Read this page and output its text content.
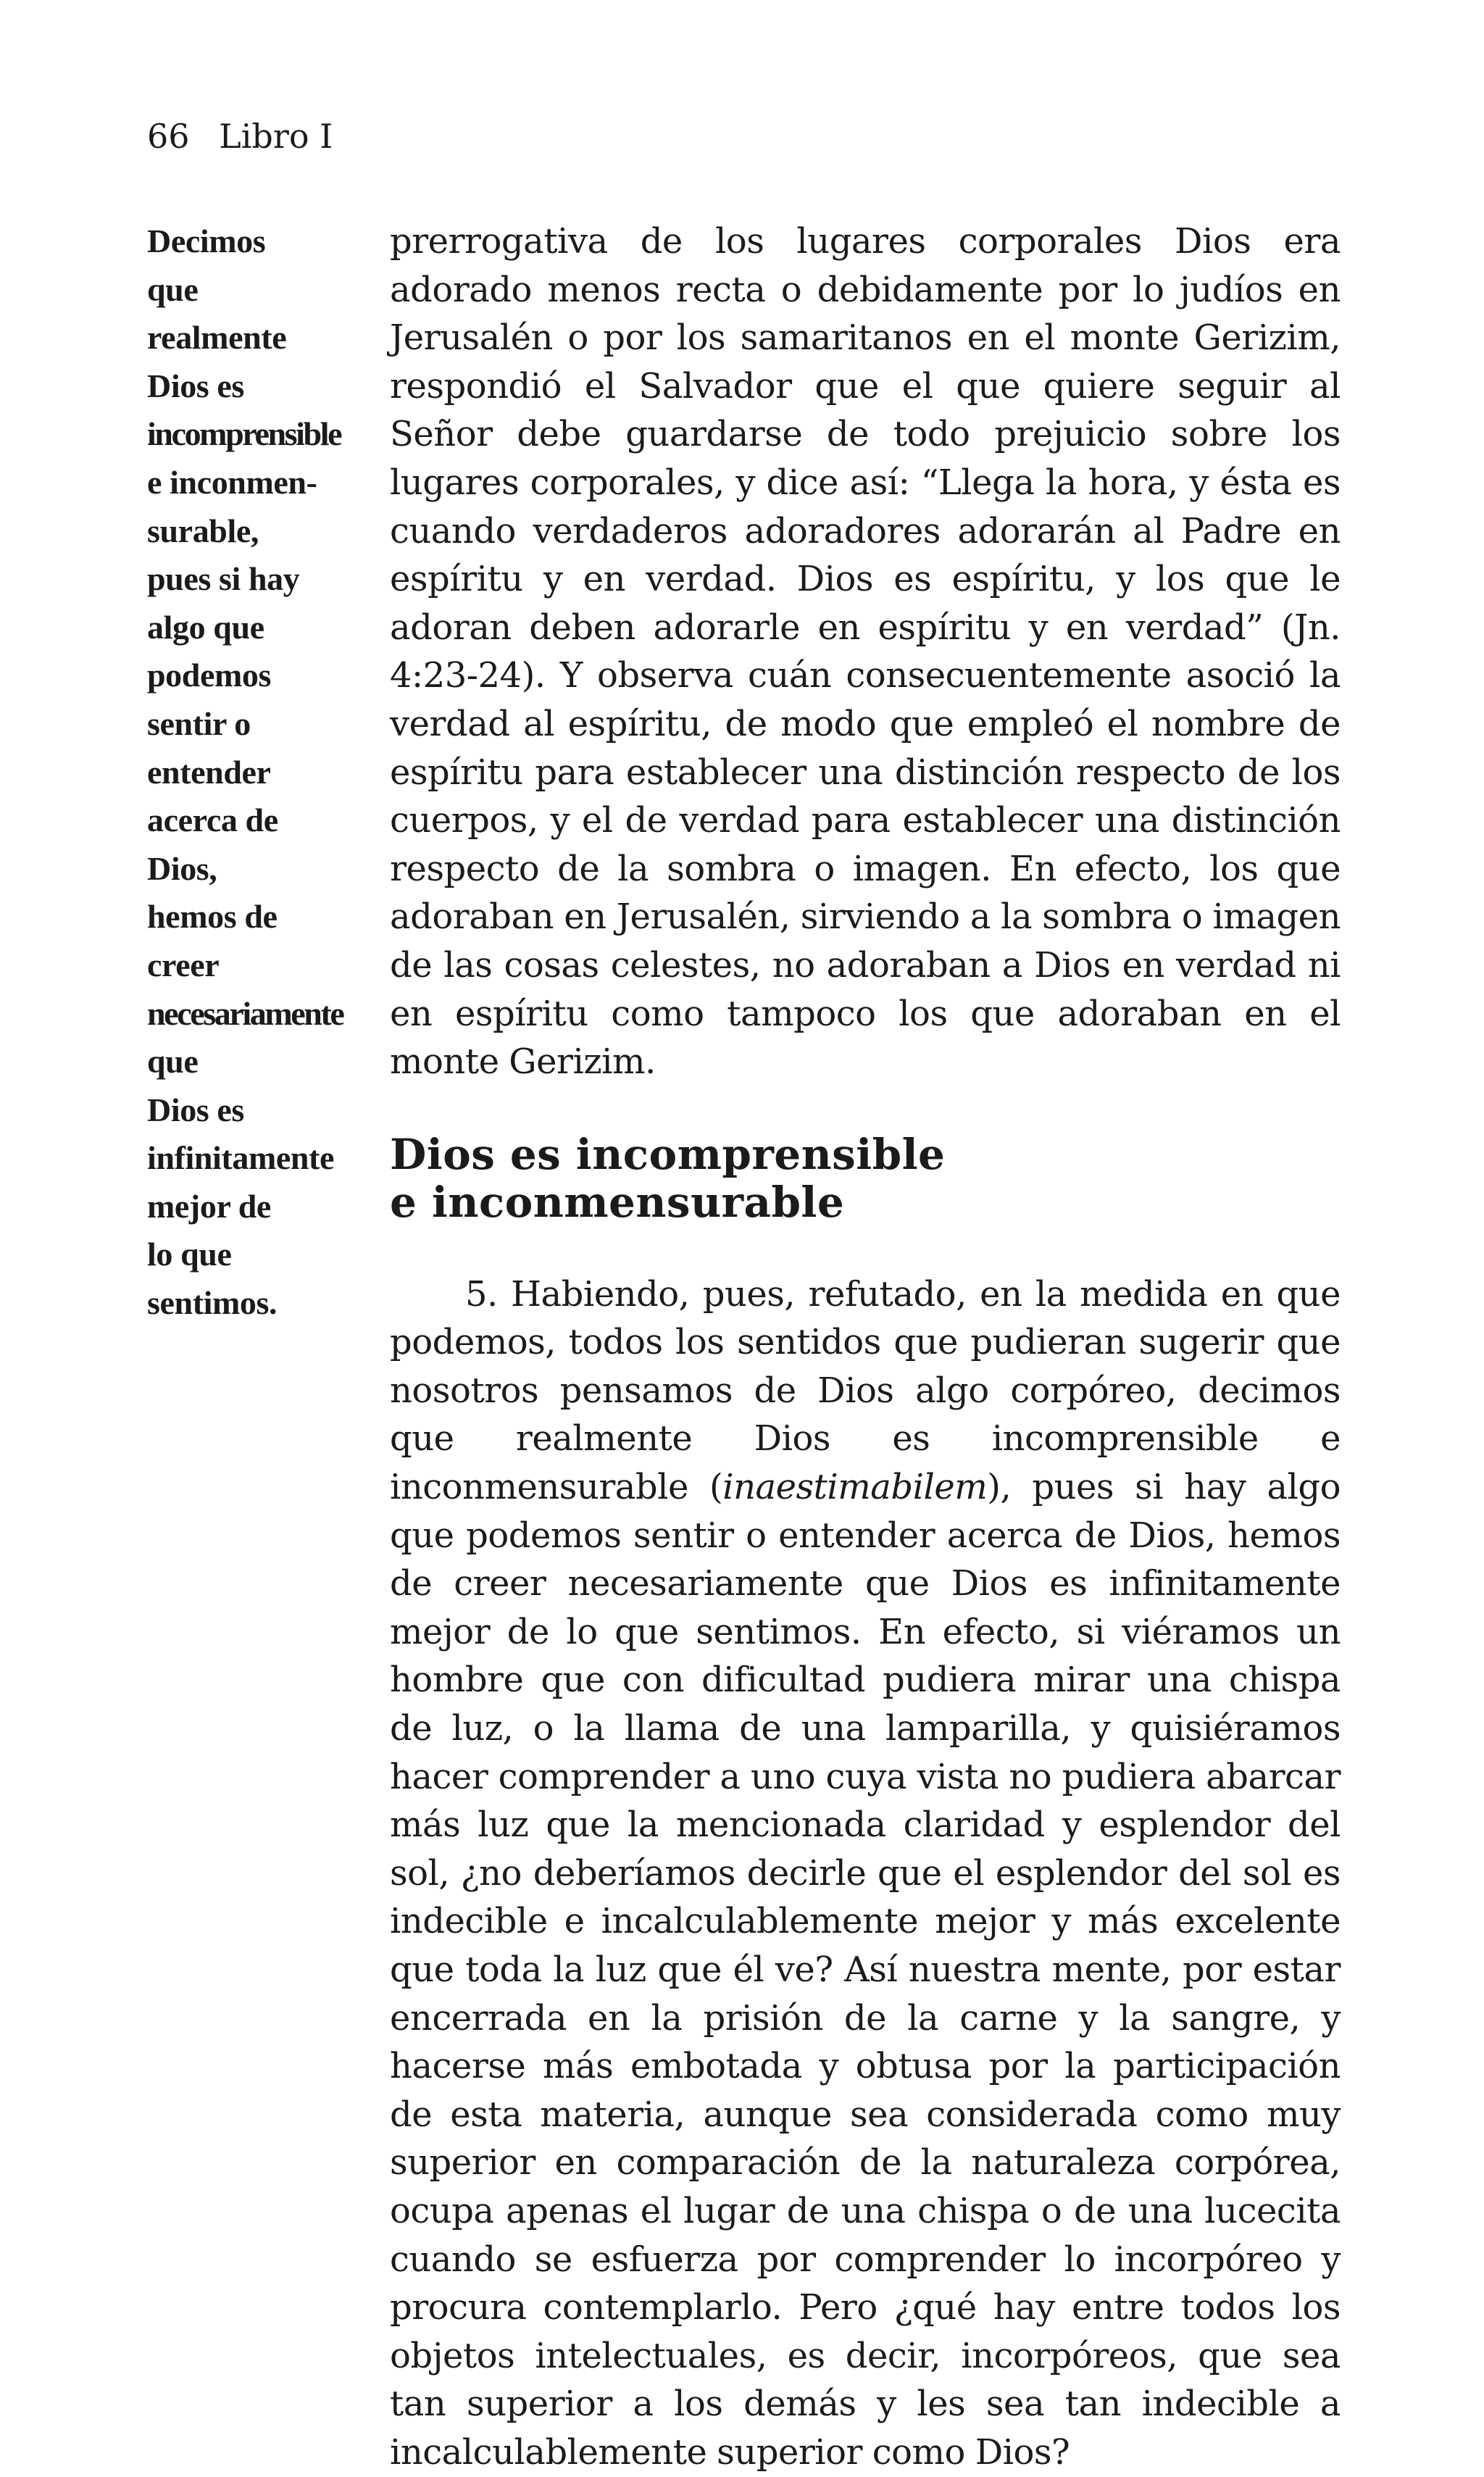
66 Libro I
Decimos
que
realmente
Dios es
incomprensible
e inconmen-
surable,
pues si hay
algo que
podemos
sentir o
entender
acerca de
Dios,
hemos de
creer
necesariamente
que
Dios es
infinitamente
mejor de
lo que
sentimos.

prerrogativa de los lugares corporales Dios era adorado menos recta o debidamente por lo judíos en Jerusalén o por los samaritanos en el monte Gerizim, respondió el Salvador que el que quiere seguir al Señor debe guardarse de todo prejuicio sobre los lugares corporales, y dice así: “Llega la hora, y ésta es cuando verdaderos adoradores adorarán al Padre en espíritu y en verdad. Dios es espíritu, y los que le adoran deben adorarle en espíritu y en verdad” (Jn. 4:23-24). Y observa cuán consecuentemente asoció la verdad al espíritu, de modo que empleó el nombre de espíritu para establecer una distinción respecto de los cuerpos, y el de verdad para establecer una distinción respecto de la sombra o imagen. En efecto, los que adoraban en Jerusalén, sirviendo a la sombra o imagen de las cosas celestes, no adoraban a Dios en verdad ni en espíritu como tampoco los que adoraban en el monte Gerizim.

Dios es incomprensible
e inconmensurable

5. Habiendo, pues, refutado, en la medida en que podemos, todos los sentidos que pudieran sugerir que nosotros pensamos de Dios algo corpóreo, decimos que realmente Dios es incomprensible e inconmensurable (inaestimabilem), pues si hay algo que podemos sentir o entender acerca de Dios, hemos de creer necesariamente que Dios es infinitamente mejor de lo que sentimos. En efecto, si viéramos un hombre que con dificultad pudiera mirar una chispa de luz, o la llama de una lamparilla, y quisiéramos hacer comprender a uno cuya vista no pudiera abarcar más luz que la mencionada claridad y esplendor del sol, ¿no deberíamos decirle que el esplendor del sol es indecible e incalculablemente mejor y más excelente que toda la luz que él ve? Así nuestra mente, por estar encerrada en la prisión de la carne y la sangre, y hacerse más embotada y obtusa por la participación de esta materia, aunque sea considerada como muy superior en comparación de la naturaleza corpórea, ocupa apenas el lugar de una chispa o de una lucecita cuando se esfuerza por comprender lo incorpóreo y procura contemplarlo. Pero ¿qué hay entre todos los objetos intelectuales, es decir, incorpóreos, que sea tan superior a los demás y les sea tan indecible a incalculablemente superior como Dios?
